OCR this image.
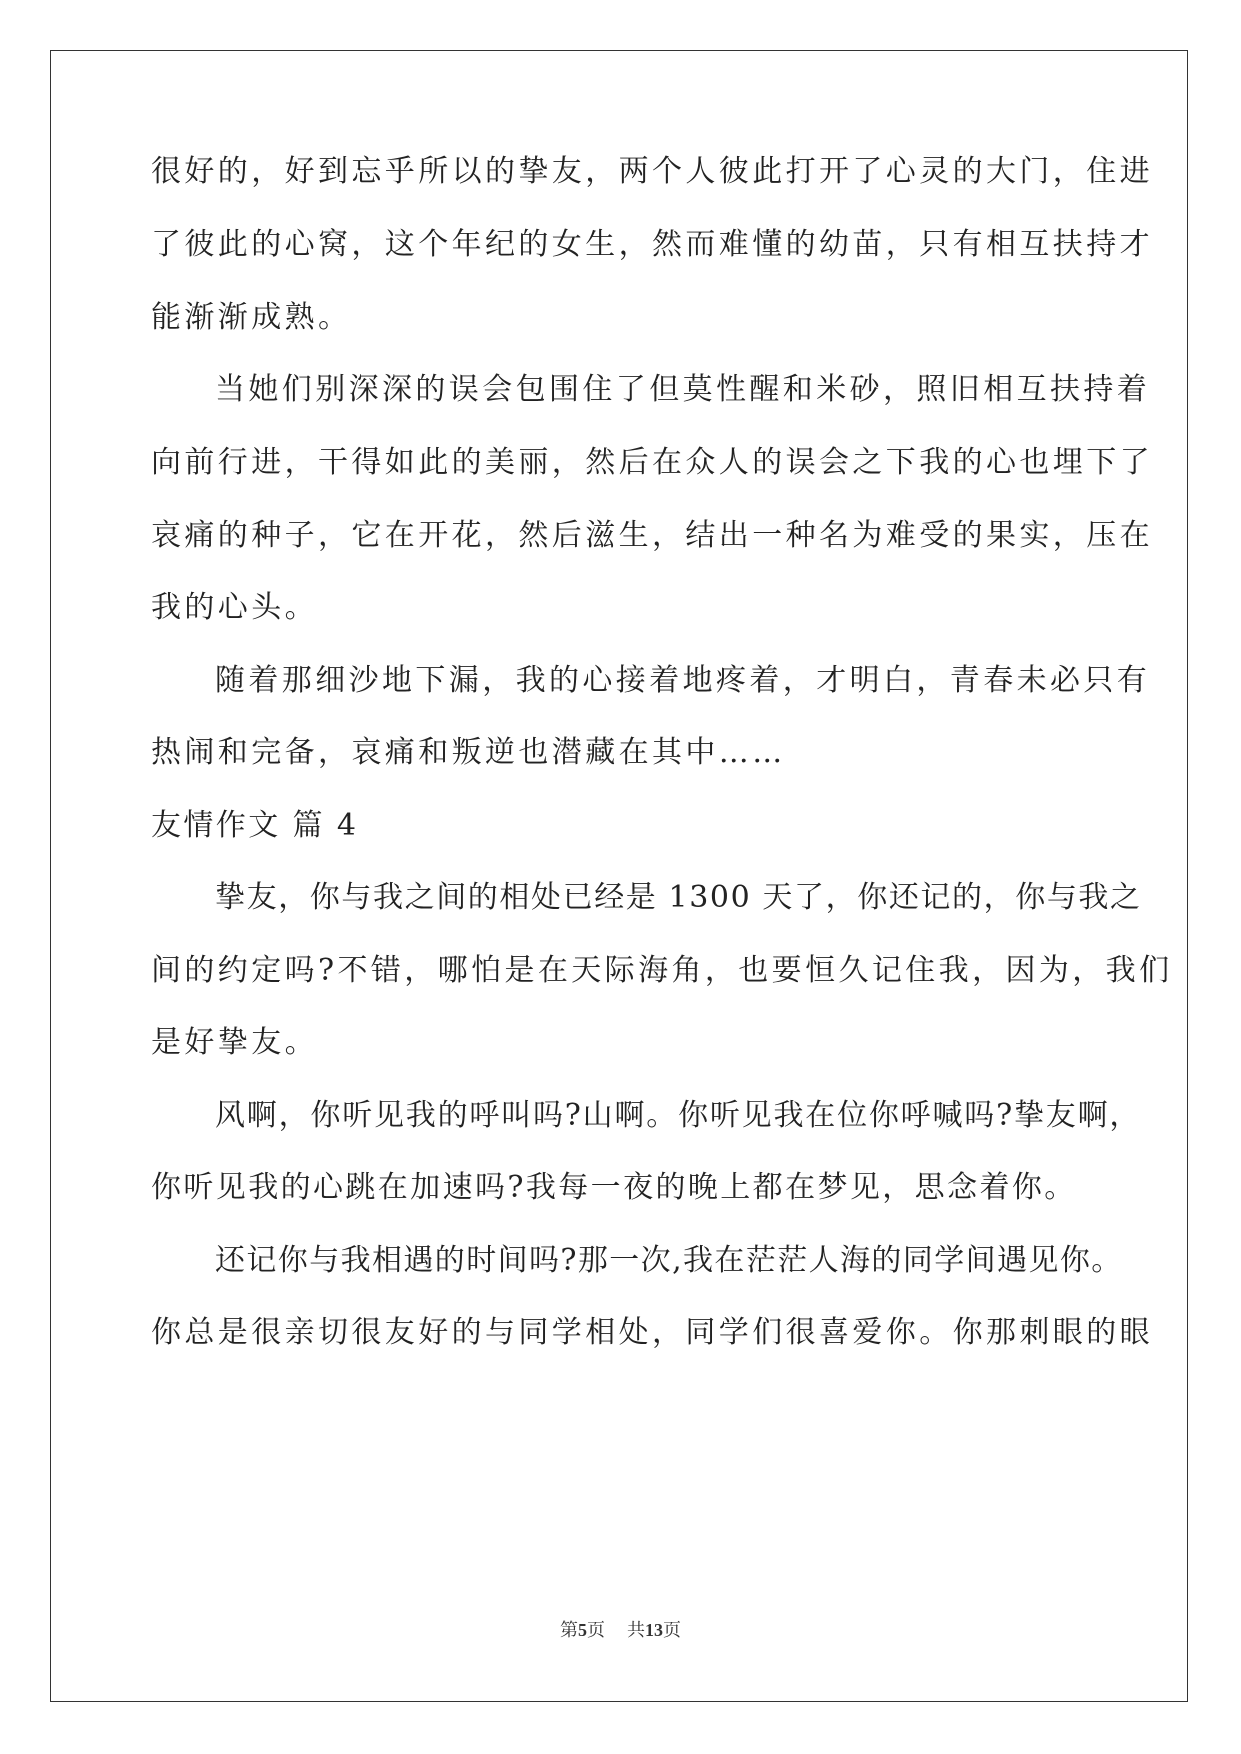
很好的，好到忘乎所以的挚友，两个人彼此打开了心灵的大门，住进
了彼此的心窝，这个年纪的女生，然而难懂的幼苗，只有相互扶持才
能渐渐成熟。
当她们别深深的误会包围住了但莫性醒和米砂，照旧相互扶持着
向前行进，干得如此的美丽，然后在众人的误会之下我的心也埋下了
哀痛的种子，它在开花，然后滋生，结出一种名为难受的果实，压在
我的心头。
随着那细沙地下漏，我的心接着地疼着，才明白，青春未必只有
热闹和完备，哀痛和叛逆也潜藏在其中……
友情作文 篇 4
挚友，你与我之间的相处已经是 1300 天了，你还记的，你与我之
间的约定吗?不错，哪怕是在天际海角，也要恒久记住我，因为，我们
是好挚友。
风啊，你听见我的呼叫吗?山啊。你听见我在位你呼喊吗?挚友啊，
你听见我的心跳在加速吗?我每一夜的晚上都在梦见，思念着你。
还记你与我相遇的时间吗?那一次,我在茫茫人海的同学间遇见你。
你总是很亲切很友好的与同学相处，同学们很喜爱你。你那刺眼的眼
第5页 共13页
